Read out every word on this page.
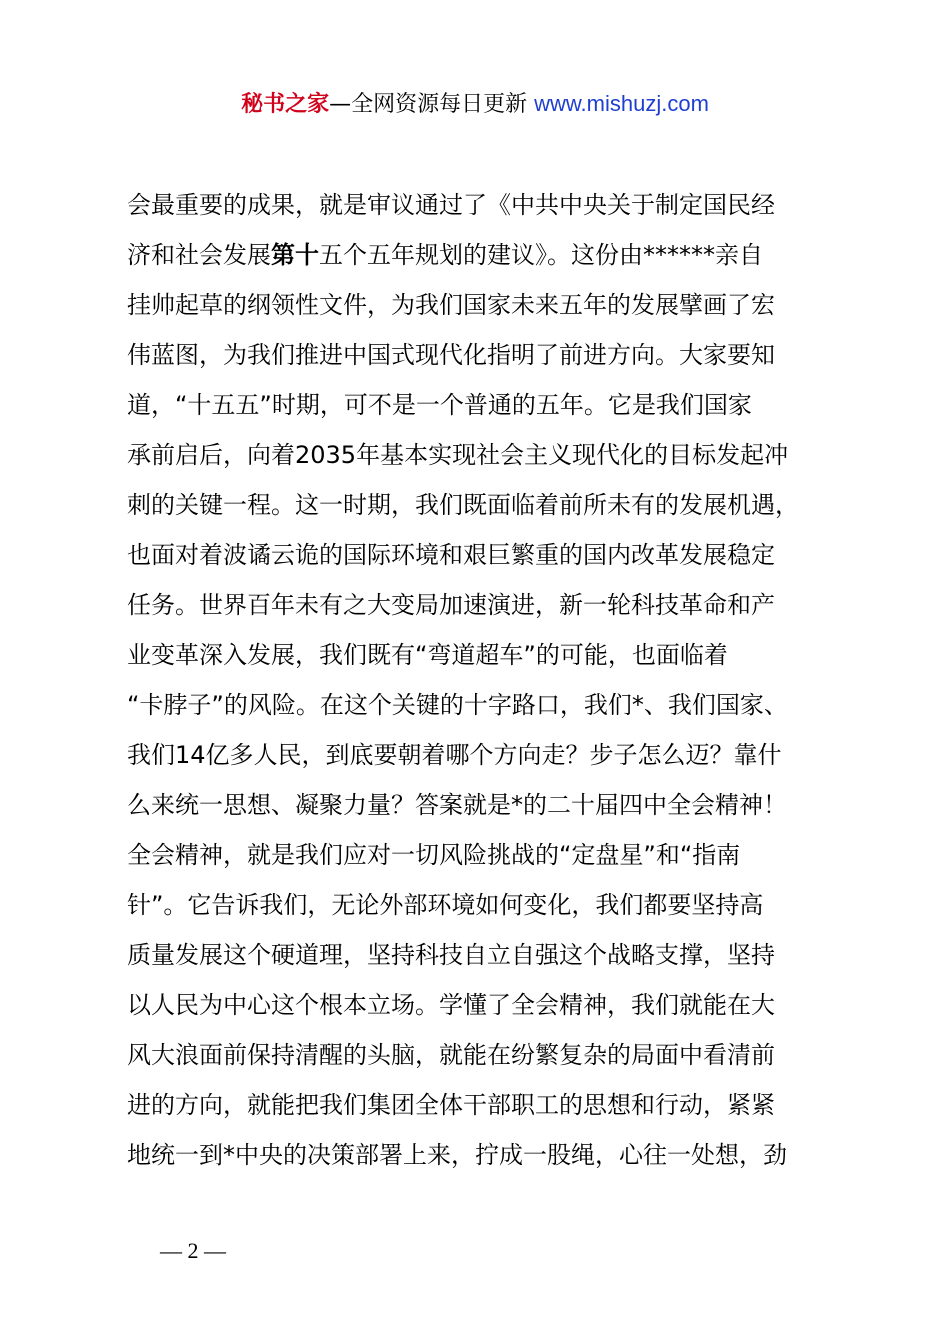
秘书之家—全网资源每日更新 www.mishuzj.com
会最重要的成果，就是审议通过了《中共中央关于制定国民经
济和社会发展第十五个五年规划的建议》。这份由******亲自
挂帅起草的纲领性文件，为我们国家未来五年的发展擘画了宏
伟蓝图，为我们推进中国式现代化指明了前进方向。大家要知
道，“十五五”时期，可不是一个普通的五年。它是我们国家
承前启后，向着2035年基本实现社会主义现代化的目标发起冲
刺的关键一程。这一时期，我们既面临着前所未有的发展机遇，
也面对着波谲云诡的国际环境和艰巨繁重的国内改革发展稳定
任务。世界百年未有之大变局加速演进，新一轮科技革命和产
业变革深入发展，我们既有“弯道超车”的可能，也面临着
“卡脖子”的风险。在这个关键的十字路口，我们*、我们国家、
我们14亿多人民，到底要朝着哪个方向走？步子怎么迈？靠什
么来统一思想、凝聚力量？答案就是*的二十届四中全会精神！
全会精神，就是我们应对一切风险挑战的“定盘星”和“指南
针”。它告诉我们，无论外部环境如何变化，我们都要坚持高
质量发展这个硬道理，坚持科技自立自强这个战略支撑，坚持
以人民为中心这个根本立场。学懂了全会精神，我们就能在大
风大浪面前保持清醒的头脑，就能在纷繁复杂的局面中看清前
进的方向，就能把我们集团全体干部职工的思想和行动，紧紧
地统一到*中央的决策部署上来，拧成一股绳，心往一处想，劲
— 2 —
